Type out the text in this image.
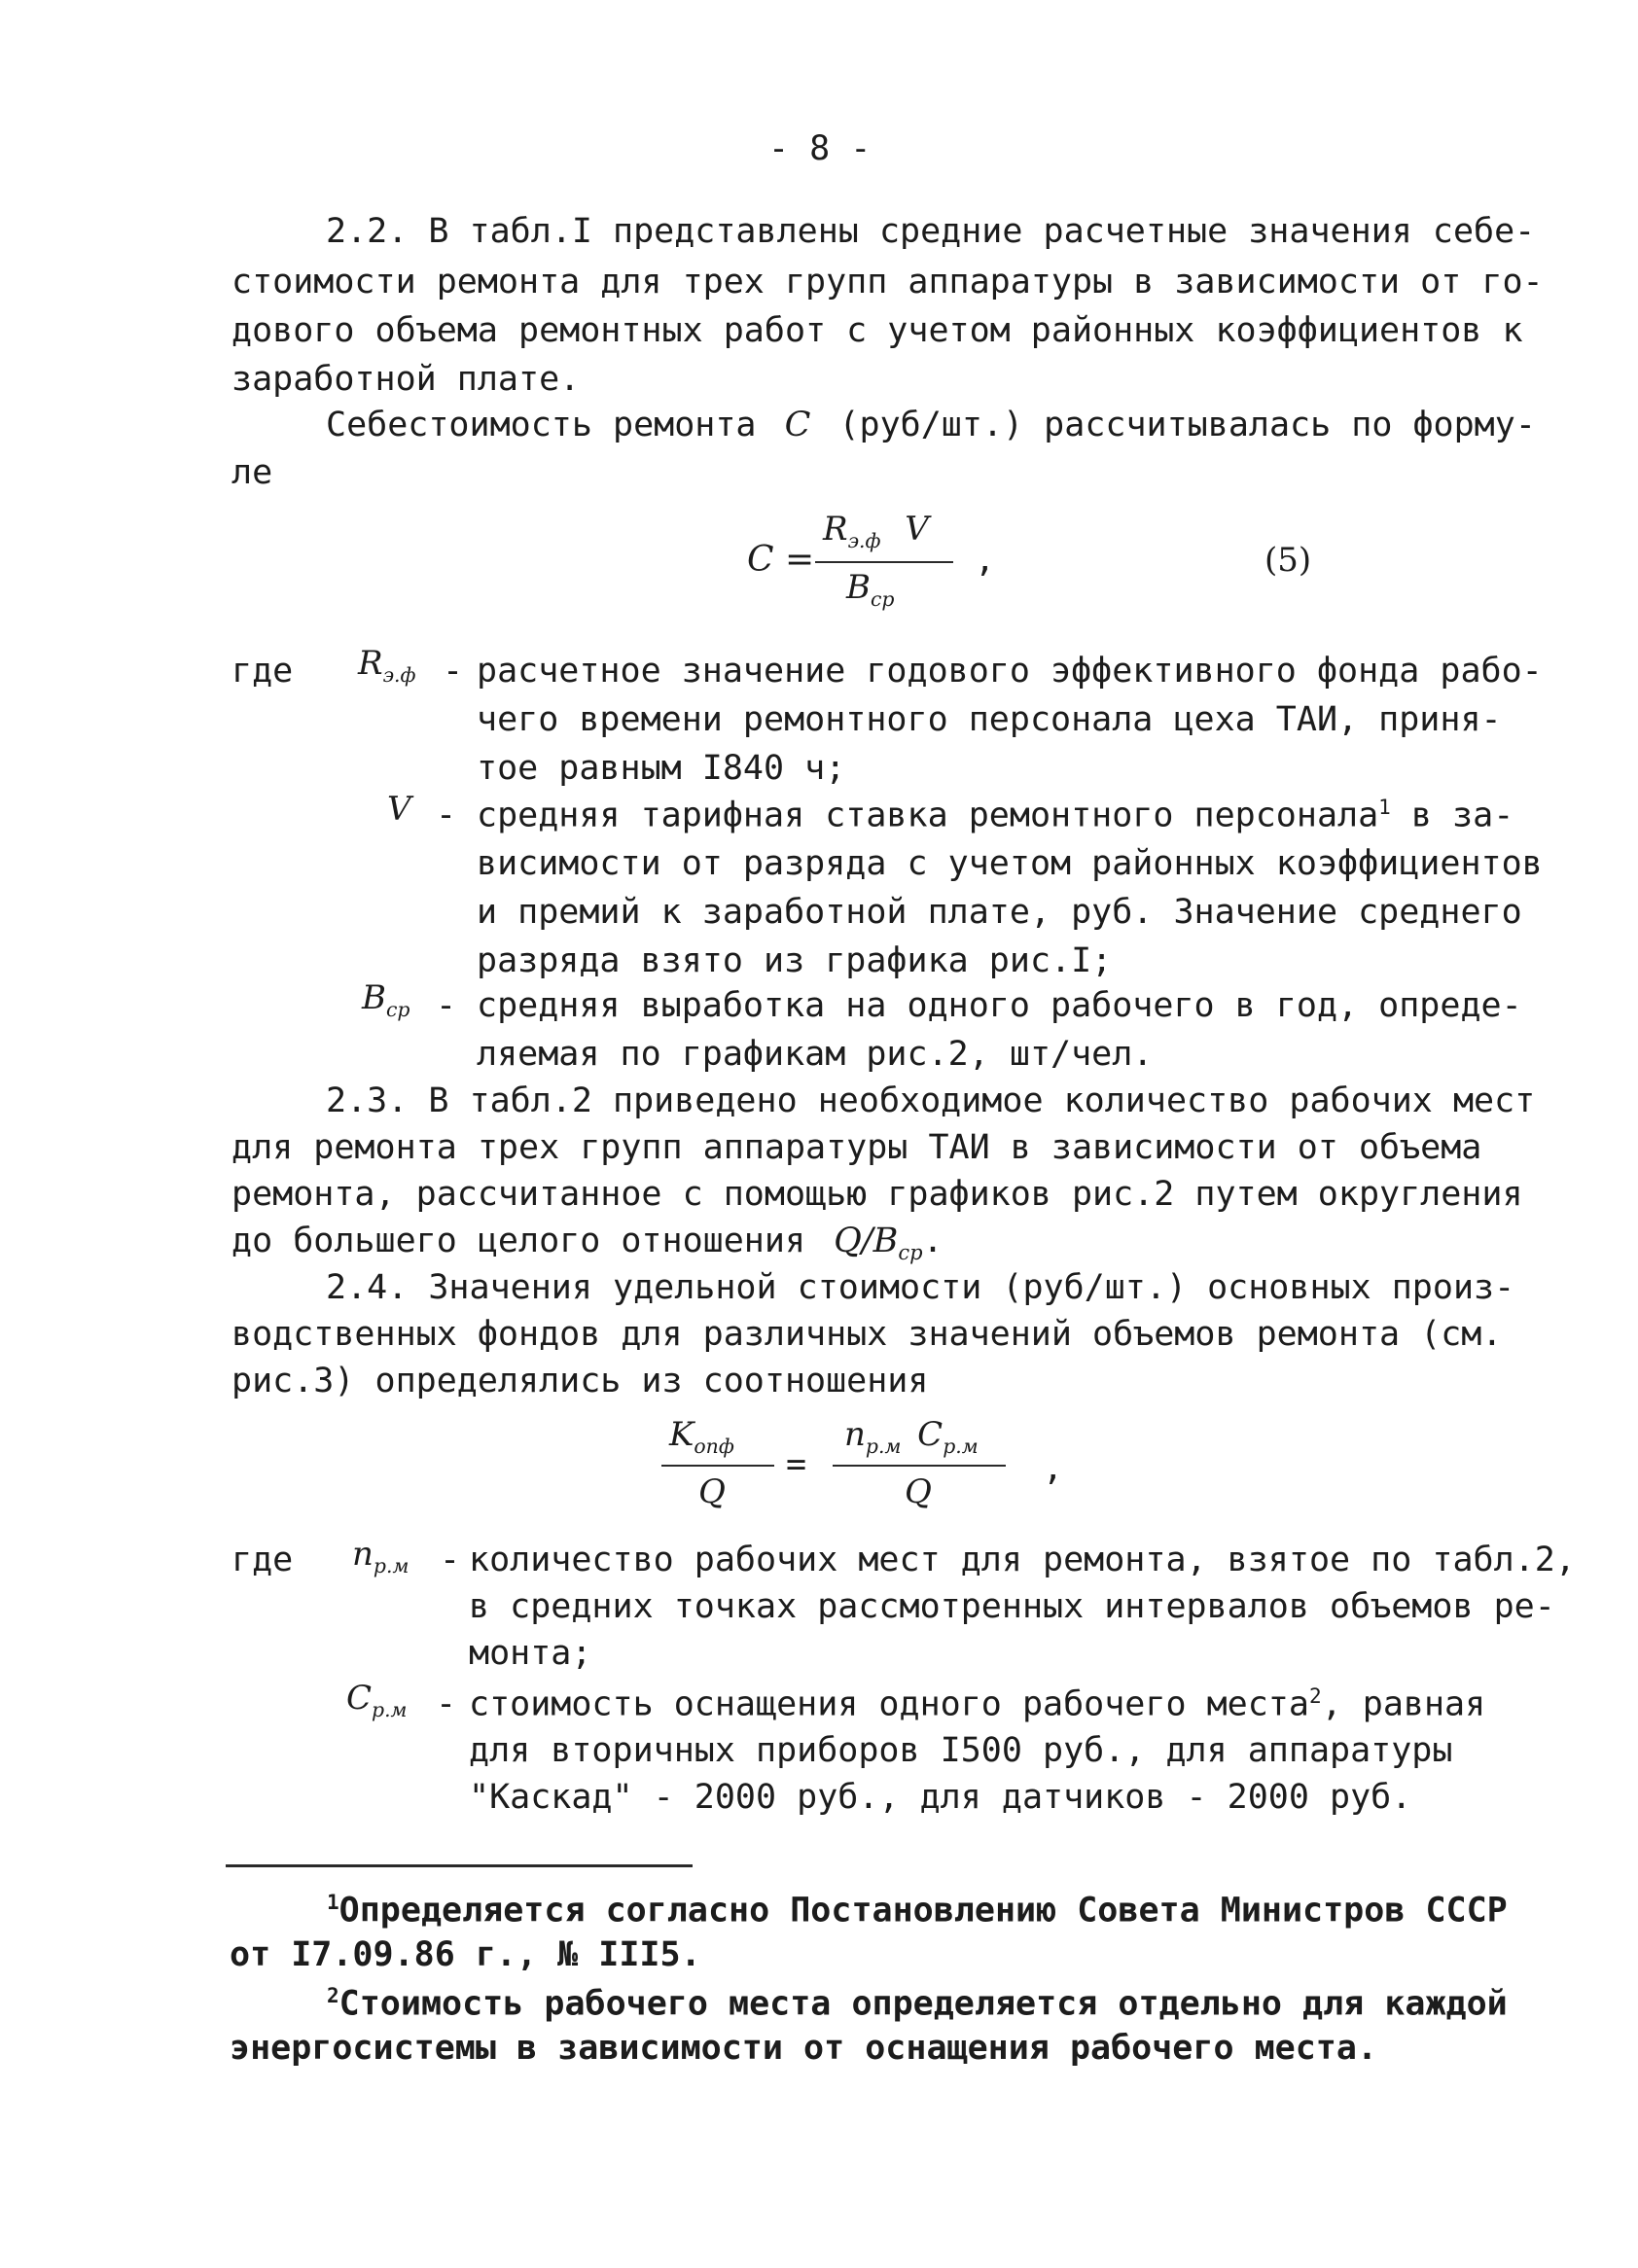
- 8 -
2.2. В табл.I представлены средние расчетные значения себе-
стоимости ремонта для трех групп аппаратуры в зависимости от го-
дового объема ремонтных работ с учетом районных коэффициентов к
заработной плате.
Себестоимость ремонта C (руб/шт.) рассчитывалась по форму-
ле
C =
$R_{э.ф}$ V
$B_{ср}$
,	(5)
где $R_{э.ф}$ - расчетное значение годового эффективного фонда рабо-
чего времени ремонтного персонала цеха ТАИ, приня-
тое равным I840 ч;
V - средняя тарифная ставка ремонтного персонала$^1$ в за-
висимости от разряда с учетом районных коэффициентов
и премий к заработной плате, руб. Значение среднего
разряда взято из графика рис.I;
$B_{ср}$ - средняя выработка на одного рабочего в год, опреде-
ляемая по графикам рис.2, шт/чел.
2.3. В табл.2 приведено необходимое количество рабочих мест
для ремонта трех групп аппаратуры ТАИ в зависимости от объема
ремонта, рассчитанное с помощью графиков рис.2 путем округления
до большего целого отношения $Q/B_{ср}$.
2.4. Значения удельной стоимости (руб/шт.) основных произ-
водственных фондов для различных значений объемов ремонта (см.
рис.3) определялись из соотношения
$K_{опф}$
Q
=
$n_{р.м}$ $C_{р.м}$
Q
,
где $n_{р.м}$ - количество рабочих мест для ремонта, взятое по табл.2,
в средних точках рассмотренных интервалов объемов ре-
монта;
$C_{р.м}$ - стоимость оснащения одного рабочего места$^2$, равная
для вторичных приборов I500 руб., для аппаратуры
"Каскад" - 2000 руб., для датчиков - 2000 руб.
$^1$Определяется согласно Постановлению Совета Министров СССР
от I7.09.86 г., № III5.
$^2$Стоимость рабочего места определяется отдельно для каждой
энергосистемы в зависимости от оснащения рабочего места.
